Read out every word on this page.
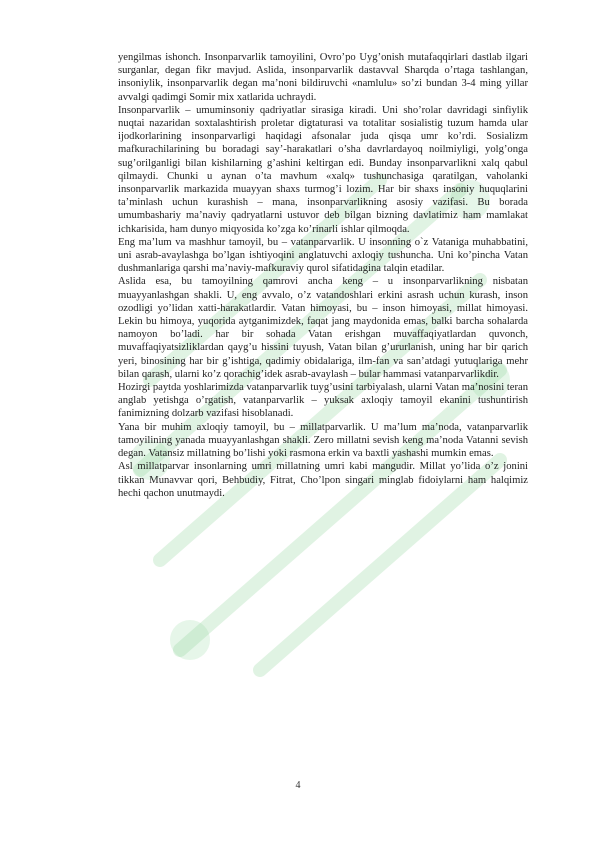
yengilmas ishonch. Insonparvarlik tamoyilini, Ovro’po Uyg’onish mutafaqqirlari dastlab ilgari surganlar, degan fikr mavjud. Aslida, insonparvarlik dastavval Sharqda o’rtaga tashlangan, insoniylik, insonparvarlik degan ma’noni bildiruvchi «namlulu» so’zi bundan 3-4 ming yillar avvalgi qadimgi Somir mix xatlarida uchraydi.

Insonparvarlik – umuminsoniy qadriyatlar sirasiga kiradi. Uni sho’rolar davridagi sinfiylik nuqtai nazaridan soxtalashtirish proletar digtaturasi va totalitar sosialistig tuzum hamda ular ijodkorlarining insonparvarligi haqidagi afsonalar juda qisqa umr ko’rdi. Sosializm mafkurachilarining bu boradagi say’-harakatlari o’sha davrlardayoq noilmiyligi, yolg’onga sug’orilganligi bilan kishilarning g’ashini keltirgan edi. Bunday insonparvarlikni xalq qabul qilmaydi. Chunki u aynan o’ta mavhum «xalq» tushunchasiga qaratilgan, vaholanki insonparvarlik markazida muayyan shaxs turmog’i lozim. Har bir shaxs insoniy huquqlarini ta’minlash uchun kurashish – mana, insonparvarlikning asosiy vazifasi. Bu borada umumbashariy ma’naviy qadryatlarni ustuvor deb bilgan bizning davlatimiz ham mamlakat ichkarisida, ham dunyo miqyosida ko’zga ko’rinarli ishlar qilmoqda.

Eng ma’lum va mashhur tamoyil, bu – vatanparvarlik. U insonning o`z Vataniga muhabbatini, uni asrab-avaylashga bo’lgan ishtiyoqini anglatuvchi axloqiy tushuncha. Uni ko’pincha Vatan dushmanlariga qarshi ma’naviy-mafkuraviy qurol sifatidagina talqin etadilar.

Aslida esa, bu tamoyilning qamrovi ancha keng – u insonparvarlikning nisbatan muayyanlashgan shakli. U, eng avvalo, o’z vatandoshlari erkini asrash uchun kurash, inson ozodligi yo’lidan xatti-harakatlardir. Vatan himoyasi, bu – inson himoyasi, millat himoyasi. Lekin bu himoya, yuqorida aytganimizdek, faqat jang maydonida emas, balki barcha sohalarda namoyon bo’ladi. har bir sohada Vatan erishgan muvaffaqiyatlardan quvonch, muvaffaqiyatsizliklardan qayg’u hissini tuyush, Vatan bilan g’ururlanish, uning har bir qarich yeri, binosining har bir g’ishtiga, qadimiy obidalariga, ilm-fan va san’atdagi yutuqlariga mehr bilan qarash, ularni ko’z qorachig’idek asrab-avaylash – bular hammasi vatanparvarlikdir.

Hozirgi paytda yoshlarimizda vatanparvarlik tuyg’usini tarbiyalash, ularni Vatan ma’nosini teran anglab yetishga o’rgatish, vatanparvarlik – yuksak axloqiy tamoyil ekanini tushuntirish fanimizning dolzarb vazifasi hisoblanadi.

Yana bir muhim axloqiy tamoyil, bu – millatparvarlik. U ma’lum ma’noda, vatanparvarlik tamoyilining yanada muayyanlashgan shakli. Zero millatni sevish keng ma’noda Vatanni sevish degan. Vatansiz millatning bo’lishi yoki rasmona erkin va baxtli yashashi mumkin emas.

Asl millatparvar insonlarning umri millatning umri kabi mangudir. Millat yo’lida o’z jonini tikkan Munavvar qori, Behbudiy, Fitrat, Cho’lpon singari minglab fidoiylarni ham halqimiz hechi qachon unutmaydi.

4
